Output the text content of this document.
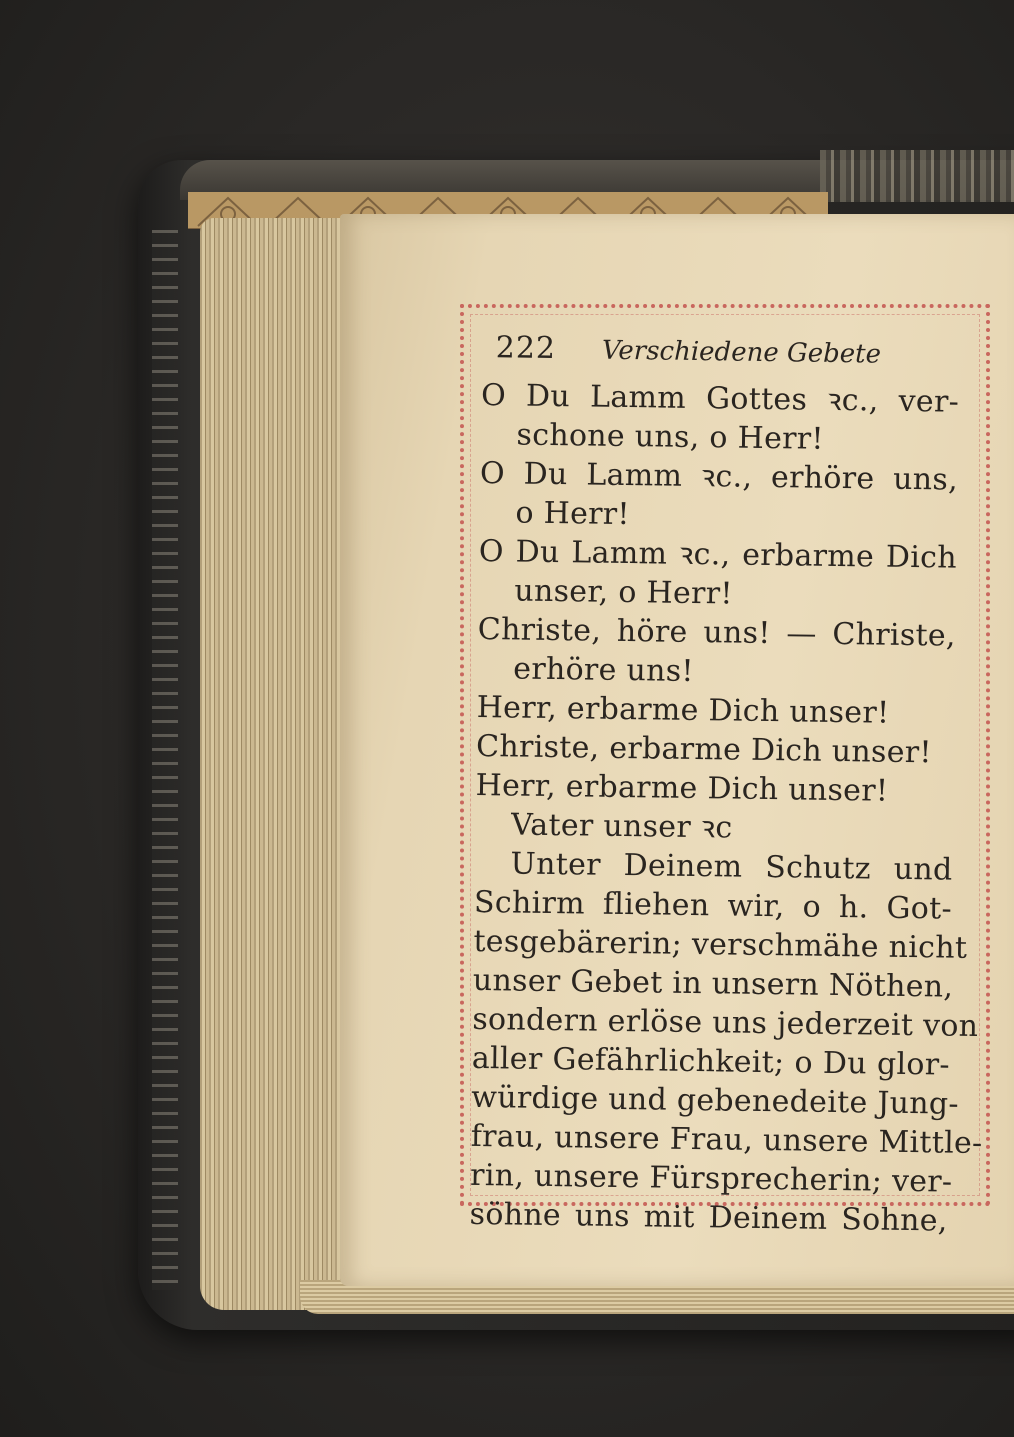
222 Verschiedene Gebete
O Du Lamm Gottes ꝛc., ver-
schone uns, o Herr!
O Du Lamm ꝛc., erhöre uns,
o Herr!
O Du Lamm ꝛc., erbarme Dich
unser, o Herr!
Christe, höre uns! — Christe,
erhöre uns!
Herr, erbarme Dich unser!
Christe, erbarme Dich unser!
Herr, erbarme Dich unser!
Vater unser ꝛc
Unter Deinem Schutz und
Schirm fliehen wir, o h. Got-
tesgebärerin; verschmähe nicht
unser Gebet in unsern Nöthen,
sondern erlöse uns jederzeit von
aller Gefährlichkeit; o Du glor-
würdige und gebenedeite Jung-
frau, unsere Frau, unsere Mittle-
rin, unsere Fürsprecherin; ver-
söhne uns mit Deinem Sohne,
